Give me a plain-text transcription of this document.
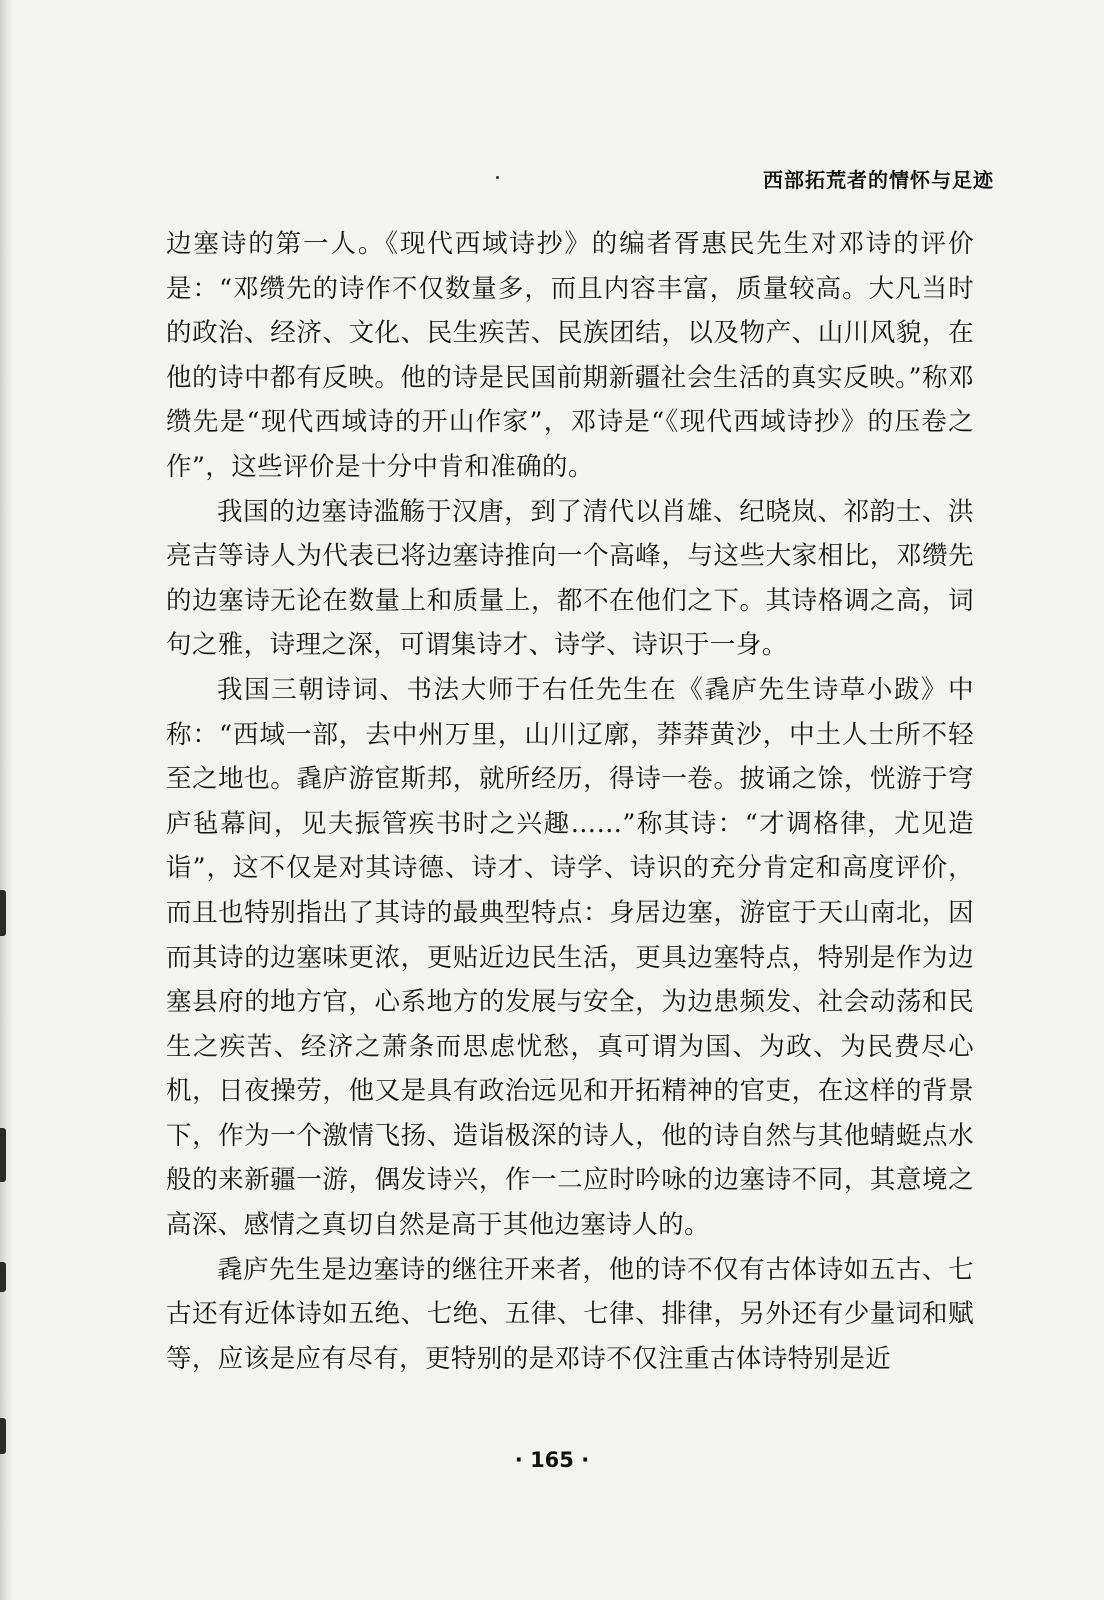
西部拓荒者的情怀与足迹

边塞诗的第一人。《现代西域诗抄》的编者胥惠民先生对邓诗的评价是：“邓缵先的诗作不仅数量多，而且内容丰富，质量较高。大凡当时的政治、经济、文化、民生疾苦、民族团结，以及物产、山川风貌，在他的诗中都有反映。他的诗是民国前期新疆社会生活的真实反映。”称邓缵先是“现代西域诗的开山作家”，邓诗是“《现代西域诗抄》的压卷之作”，这些评价是十分中肯和准确的。

我国的边塞诗滥觞于汉唐，到了清代以肖雄、纪晓岚、祁韵士、洪亮吉等诗人为代表已将边塞诗推向一个高峰，与这些大家相比，邓缵先的边塞诗无论在数量上和质量上，都不在他们之下。其诗格调之高，词句之雅，诗理之深，可谓集诗才、诗学、诗识于一身。

我国三朝诗词、书法大师于右任先生在《毳庐先生诗草小跋》中称：“西域一部，去中州万里，山川辽廓，莽莽黄沙，中土人士所不轻至之地也。毳庐游宦斯邦，就所经历，得诗一卷。披诵之馀，恍游于穹庐毡幕间，见夫振管疾书时之兴趣……”称其诗：“才调格律，尤见造诣”，这不仅是对其诗德、诗才、诗学、诗识的充分肯定和高度评价，而且也特别指出了其诗的最典型特点：身居边塞，游宦于天山南北，因而其诗的边塞味更浓，更贴近边民生活，更具边塞特点，特别是作为边塞县府的地方官，心系地方的发展与安全，为边患频发、社会动荡和民生之疾苦、经济之萧条而思虑忧愁，真可谓为国、为政、为民费尽心机，日夜操劳，他又是具有政治远见和开拓精神的官吏，在这样的背景下，作为一个激情飞扬、造诣极深的诗人，他的诗自然与其他蜻蜓点水般的来新疆一游，偶发诗兴，作一二应时吟咏的边塞诗不同，其意境之高深、感情之真切自然是高于其他边塞诗人的。

毳庐先生是边塞诗的继往开来者，他的诗不仅有古体诗如五古、七古还有近体诗如五绝、七绝、五律、七律、排律，另外还有少量词和赋等，应该是应有尽有，更特别的是邓诗不仅注重古体诗特别是近

· 165 ·
